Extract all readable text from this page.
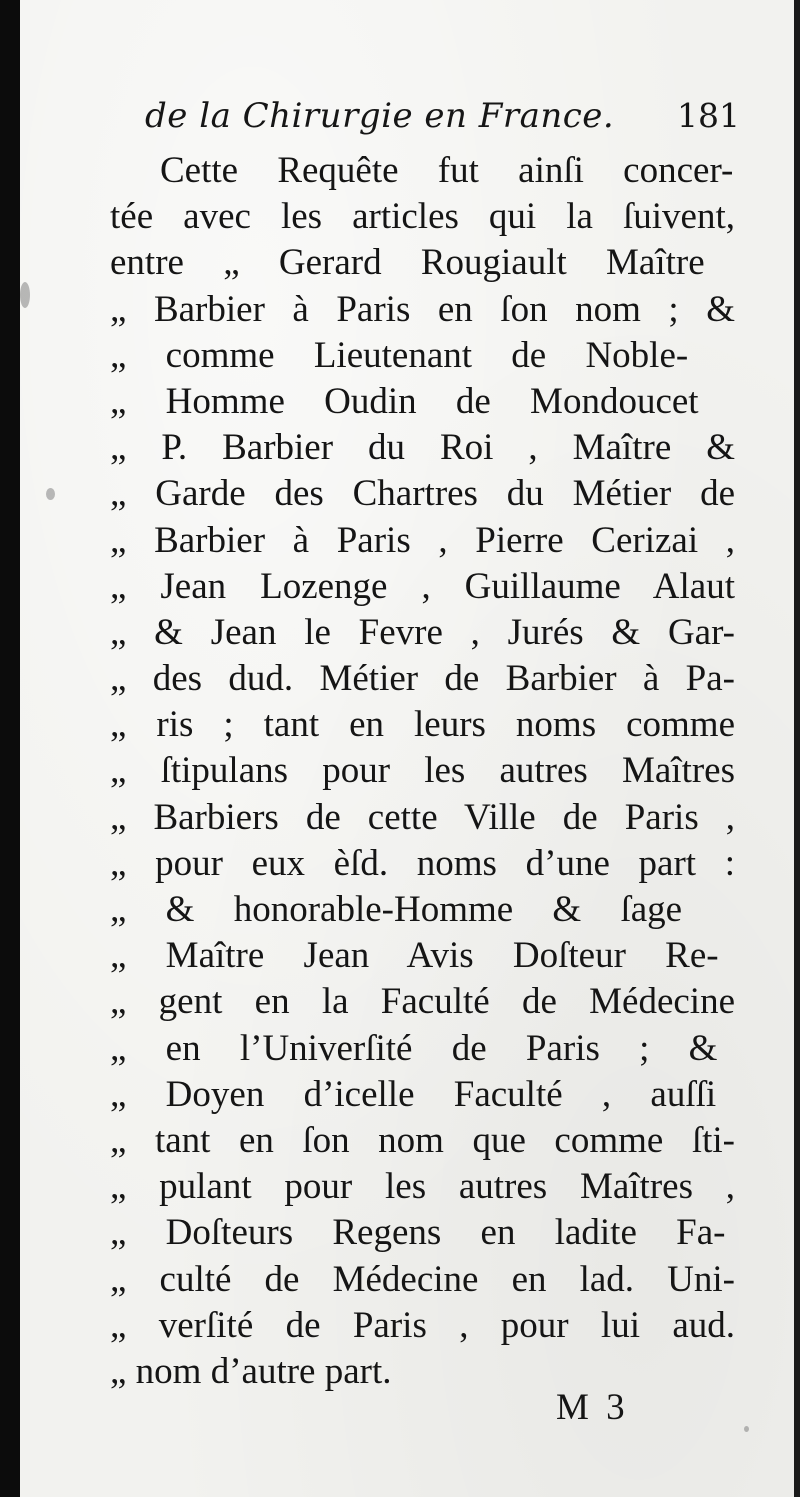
de la Chirurgie en France. 181
Cette Requête fut ainſi concer-
tée avec les articles qui la ſuivent,
entre „ Gerard Rougiault Maître
„ Barbier à Paris en ſon nom ; &
„ comme Lieutenant de Noble-
„ Homme Oudin de Mondoucet
„ P. Barbier du Roi , Maître &
„ Garde des Chartres du Métier de
„ Barbier à Paris , Pierre Cerizai ,
„ Jean Lozenge , Guillaume Alaut
„ & Jean le Fevre , Jurés & Gar-
„ des dud. Métier de Barbier à Pa-
„ ris ; tant en leurs noms comme
„ ſtipulans pour les autres Maîtres
„ Barbiers de cette Ville de Paris ,
„ pour eux èſd. noms d’une part :
„ & honorable-Homme & ſage
„ Maître Jean Avis Doſteur Re-
„ gent en la Faculté de Médecine
„ en l’Univerſité de Paris ; &
„ Doyen d’icelle Faculté , auſſi
„ tant en ſon nom que comme ſti-
„ pulant pour les autres Maîtres ,
„ Doſteurs Regens en ladite Fa-
„ culté de Médecine en lad. Uni-
„ verſité de Paris , pour lui aud.
„ nom d’autre part.
M 3
